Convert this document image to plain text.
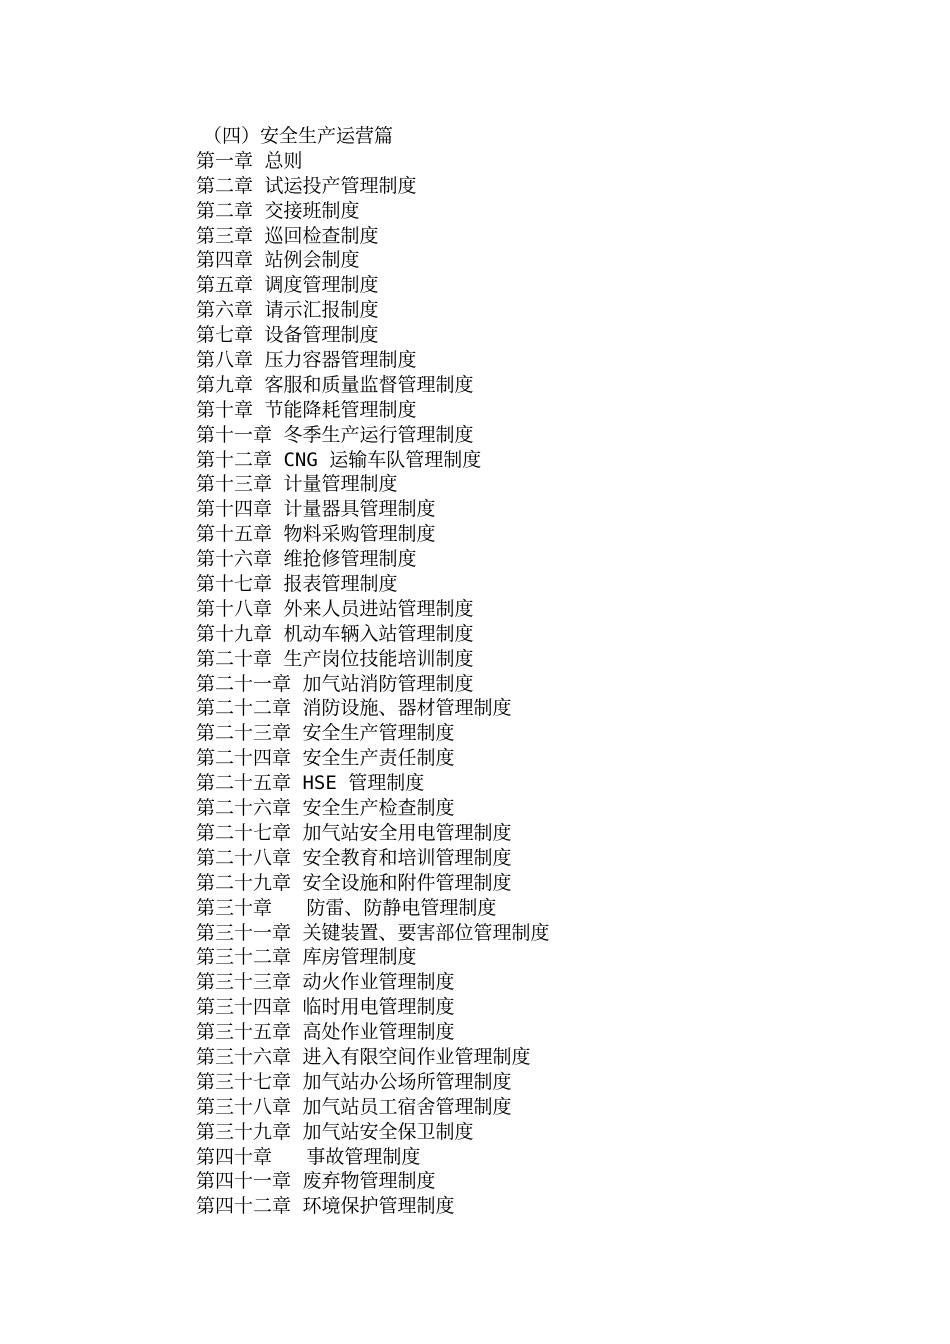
（四）安全生产运营篇
第一章 总则
第二章 试运投产管理制度
第二章 交接班制度
第三章 巡回检查制度
第四章 站例会制度
第五章 调度管理制度
第六章 请示汇报制度
第七章 设备管理制度
第八章 压力容器管理制度
第九章 客服和质量监督管理制度
第十章 节能降耗管理制度
第十一章 冬季生产运行管理制度
第十二章 CNG 运输车队管理制度
第十三章 计量管理制度
第十四章 计量器具管理制度
第十五章 物料采购管理制度
第十六章 维抢修管理制度
第十七章 报表管理制度
第十八章 外来人员进站管理制度
第十九章 机动车辆入站管理制度
第二十章 生产岗位技能培训制度
第二十一章 加气站消防管理制度
第二十二章 消防设施、器材管理制度
第二十三章 安全生产管理制度
第二十四章 安全生产责任制度
第二十五章 HSE 管理制度
第二十六章 安全生产检查制度
第二十七章 加气站安全用电管理制度
第二十八章 安全教育和培训管理制度
第二十九章 安全设施和附件管理制度
第三十章   防雷、防静电管理制度
第三十一章 关键装置、要害部位管理制度
第三十二章 库房管理制度
第三十三章 动火作业管理制度
第三十四章 临时用电管理制度
第三十五章 高处作业管理制度
第三十六章 进入有限空间作业管理制度
第三十七章 加气站办公场所管理制度
第三十八章 加气站员工宿舍管理制度
第三十九章 加气站安全保卫制度
第四十章   事故管理制度
第四十一章 废弃物管理制度
第四十二章 环境保护管理制度
